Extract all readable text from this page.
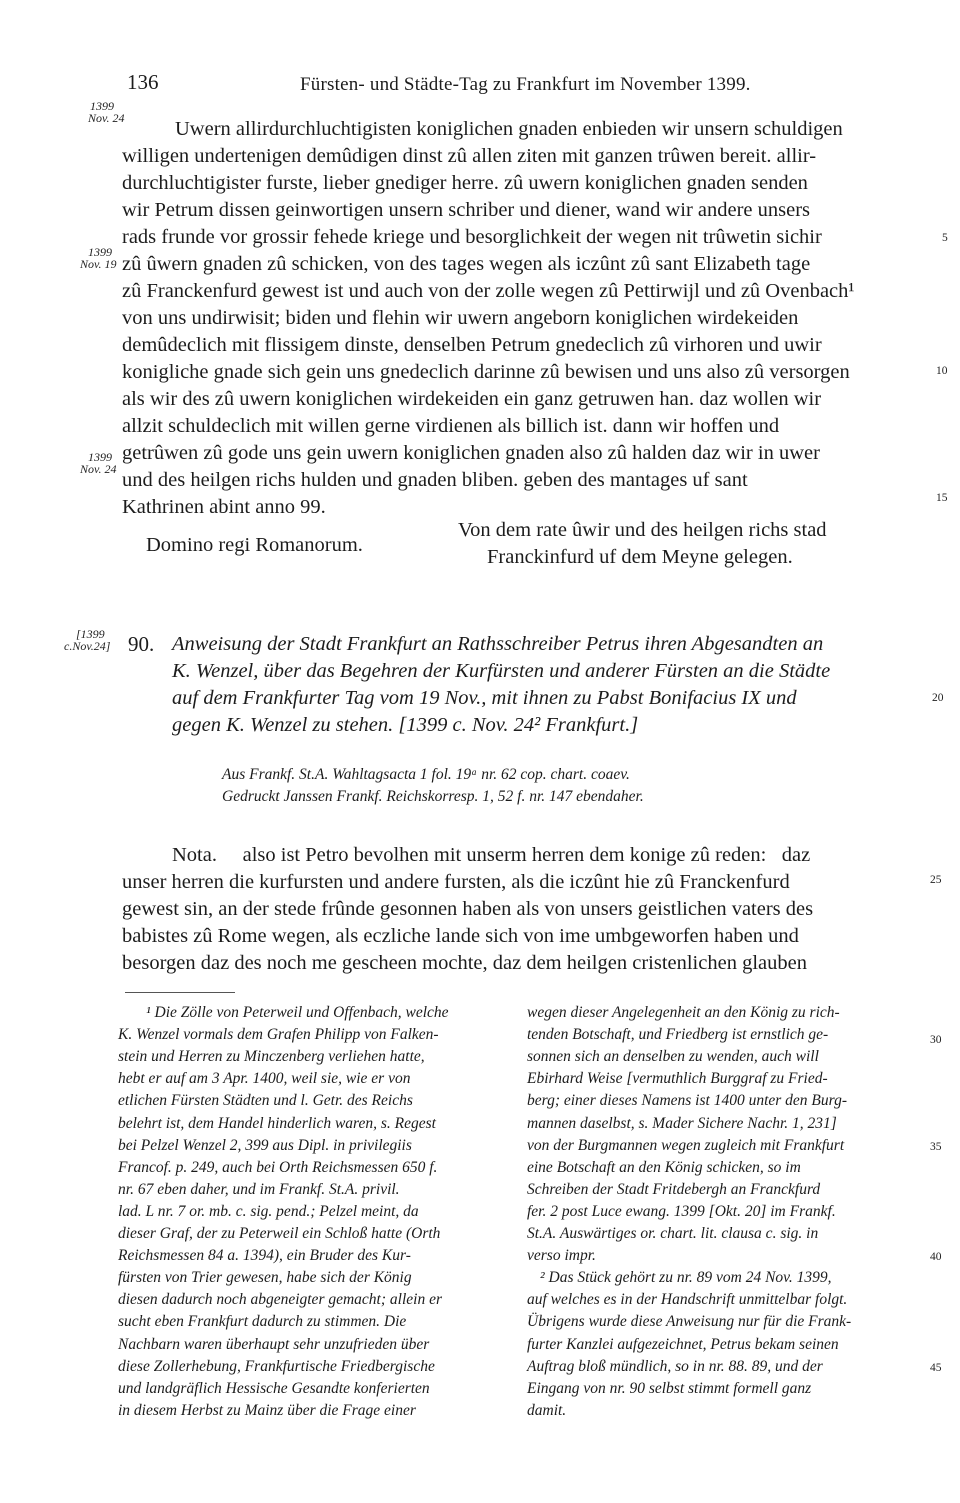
136	Fürsten- und Städte-Tag zu Frankfurt im November 1399.
1399
Nov. 24
1399
Nov. 19
1399
Nov. 24
[1399
c.Nov.24]
Uwern allirdurchluchtigisten koniglichen gnaden enbieden wir unsern schuldigen
willigen undertenigen demûdigen dinst zû allen ziten mit ganzen trûwen bereit. allir-
durchluchtigister furste, lieber gnediger herre. zû uwern koniglichen gnaden senden
wir Petrum dissen geinwortigen unsern schriber und diener, wand wir andere unsers
rads frunde vor grossir fehede kriege und besorglichkeit der wegen nit trûwetin sichir
zû ûwern gnaden zû schicken, von des tages wegen als iczûnt zû sant Elizabeth tage
zû Franckenfurd gewest ist und auch von der zolle wegen zû Pettirwijl und zû Ovenbach¹
von uns undirwisit; biden und flehin wir uwern angeborn koniglichen wirdekeiden
demûdeclich mit flissigem dinste, denselben Petrum gnedeclich zû virhoren und uwir
konigliche gnade sich gein uns gnedeclich darinne zû bewisen und uns also zû versorgen
als wir des zû uwern koniglichen wirdekeiden ein ganz getruwen han. daz wollen wir
allzit schuldeclich mit willen gerne virdienen als billich ist. dann wir hoffen und
getrûwen zû gode uns gein uwern koniglichen gnaden also zû halden daz wir in uwer
und des heilgen richs hulden und gnaden bliben. geben des mantages uf sant
Kathrinen abint anno 99.
Domino regi Romanorum.
Von dem rate ûwir und des heilgen richs stad
Franckinfurd uf dem Meyne gelegen.
90. Anweisung der Stadt Frankfurt an Rathsschreiber Petrus ihren Abgesandten an
K. Wenzel, über das Begehren der Kurfürsten und anderer Fürsten an die Städte
auf dem Frankfurter Tag vom 19 Nov., mit ihnen zu Pabst Bonifacius IX und
gegen K. Wenzel zu stehen. [1399 c. Nov. 24² Frankfurt.]
Aus Frankf. St.A. Wahltagsacta 1 fol. 19ᵃ nr. 62 cop. chart. coaev.
Gedruckt Janssen Frankf. Reichskorresp. 1, 52 f. nr. 147 ebendaher.
Nota.     also ist Petro bevolhen mit unserm herren dem konige zû reden:   daz
unser herren die kurfursten und andere fursten, als die iczûnt hie zû Franckenfurd
gewest sin, an der stede frûnde gesonnen haben als von unsers geistlichen vaters des
babistes zû Rome wegen, als eczliche lande sich von ime umbgeworfen haben und
besorgen daz des noch me gescheen mochte, daz dem heilgen cristenlichen glauben
5
10
15
20
25
30
35
40
45
¹ Die Zölle von Peterweil und Offenbach, welche
K. Wenzel vormals dem Grafen Philipp von Falken-
stein und Herren zu Minczenberg verliehen hatte,
hebt er auf am 3 Apr. 1400, weil sie, wie er von
etlichen Fürsten Städten und l. Getr. des Reichs
belehrt ist, dem Handel hinderlich waren, s. Regest
bei Pelzel Wenzel 2, 399 aus Dipl. in privilegiis
Francof. p. 249, auch bei Orth Reichsmessen 650 f.
nr. 67 eben daher, und im Frankf. St.A. privil.
lad. L nr. 7 or. mb. c. sig. pend.; Pelzel meint, da
dieser Graf, der zu Peterweil ein Schloß hatte (Orth
Reichsmessen 84 a. 1394), ein Bruder des Kur-
fürsten von Trier gewesen, habe sich der König
diesen dadurch noch abgeneigter gemacht; allein er
sucht eben Frankfurt dadurch zu stimmen. Die
Nachbarn waren überhaupt sehr unzufrieden über
diese Zollerhebung, Frankfurtische Friedbergische
und landgräflich Hessische Gesandte konferierten
in diesem Herbst zu Mainz über die Frage einer
wegen dieser Angelegenheit an den König zu rich-
tenden Botschaft, und Friedberg ist ernstlich ge-
sonnen sich an denselben zu wenden, auch will
Ebirhard Weise [vermuthlich Burggraf zu Fried-
berg; einer dieses Namens ist 1400 unter den Burg-
mannen daselbst, s. Mader Sichere Nachr. 1, 231]
von der Burgmannen wegen zugleich mit Frankfurt
eine Botschaft an den König schicken, so im
Schreiben der Stadt Fritdebergh an Franckfurd
fer. 2 post Luce ewang. 1399 [Okt. 20] im Frankf.
St.A. Auswärtiges or. chart. lit. clausa c. sig. in
verso impr.
² Das Stück gehört zu nr. 89 vom 24 Nov. 1399,
auf welches es in der Handschrift unmittelbar folgt.
Übrigens wurde diese Anweisung nur für die Frank-
furter Kanzlei aufgezeichnet, Petrus bekam seinen
Auftrag bloß mündlich, so in nr. 88. 89, und der
Eingang von nr. 90 selbst stimmt formell ganz
damit.
